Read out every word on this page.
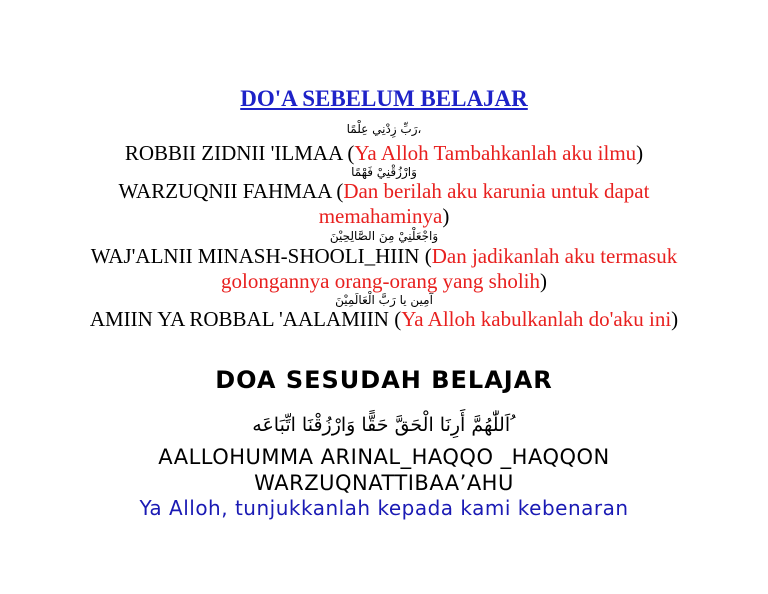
DO'A SEBELUM BELAJAR
رَبِّ زِدْنِي عِلْمًا،
ROBBII ZIDNII 'ILMAA (Ya Alloh Tambahkanlah aku ilmu)
وَارْزُقْنِيْ فَهْمًا
WARZUQNII FAHMAA (Dan berilah aku karunia untuk dapat
memahaminya)
وَاجْعَلْنِيْ مِنَ الصَّالِحِيْنَ
WAJ'ALNII MINASH-SHOOLI_HIIN (Dan jadikanlah aku termasuk
golongannya orang-orang yang sholih)
آمِين يا رَبَّ الْعَالَمِيْنَ
AMIIN YA ROBBAL 'AALAMIIN (Ya Alloh kabulkanlah do'aku ini)
DOA SESUDAH BELAJAR
اَللّٰهُمَّ أَرِنَا الْحَقَّ حَقًّا وَارْزُقْنَا اتِّبَاعَه ُ
AALLOHUMMA ARINAL_HAQQO _HAQQON
WARZUQNATTIBAA’AHU
Ya Alloh, tunjukkanlah kepada kami kebenaran
